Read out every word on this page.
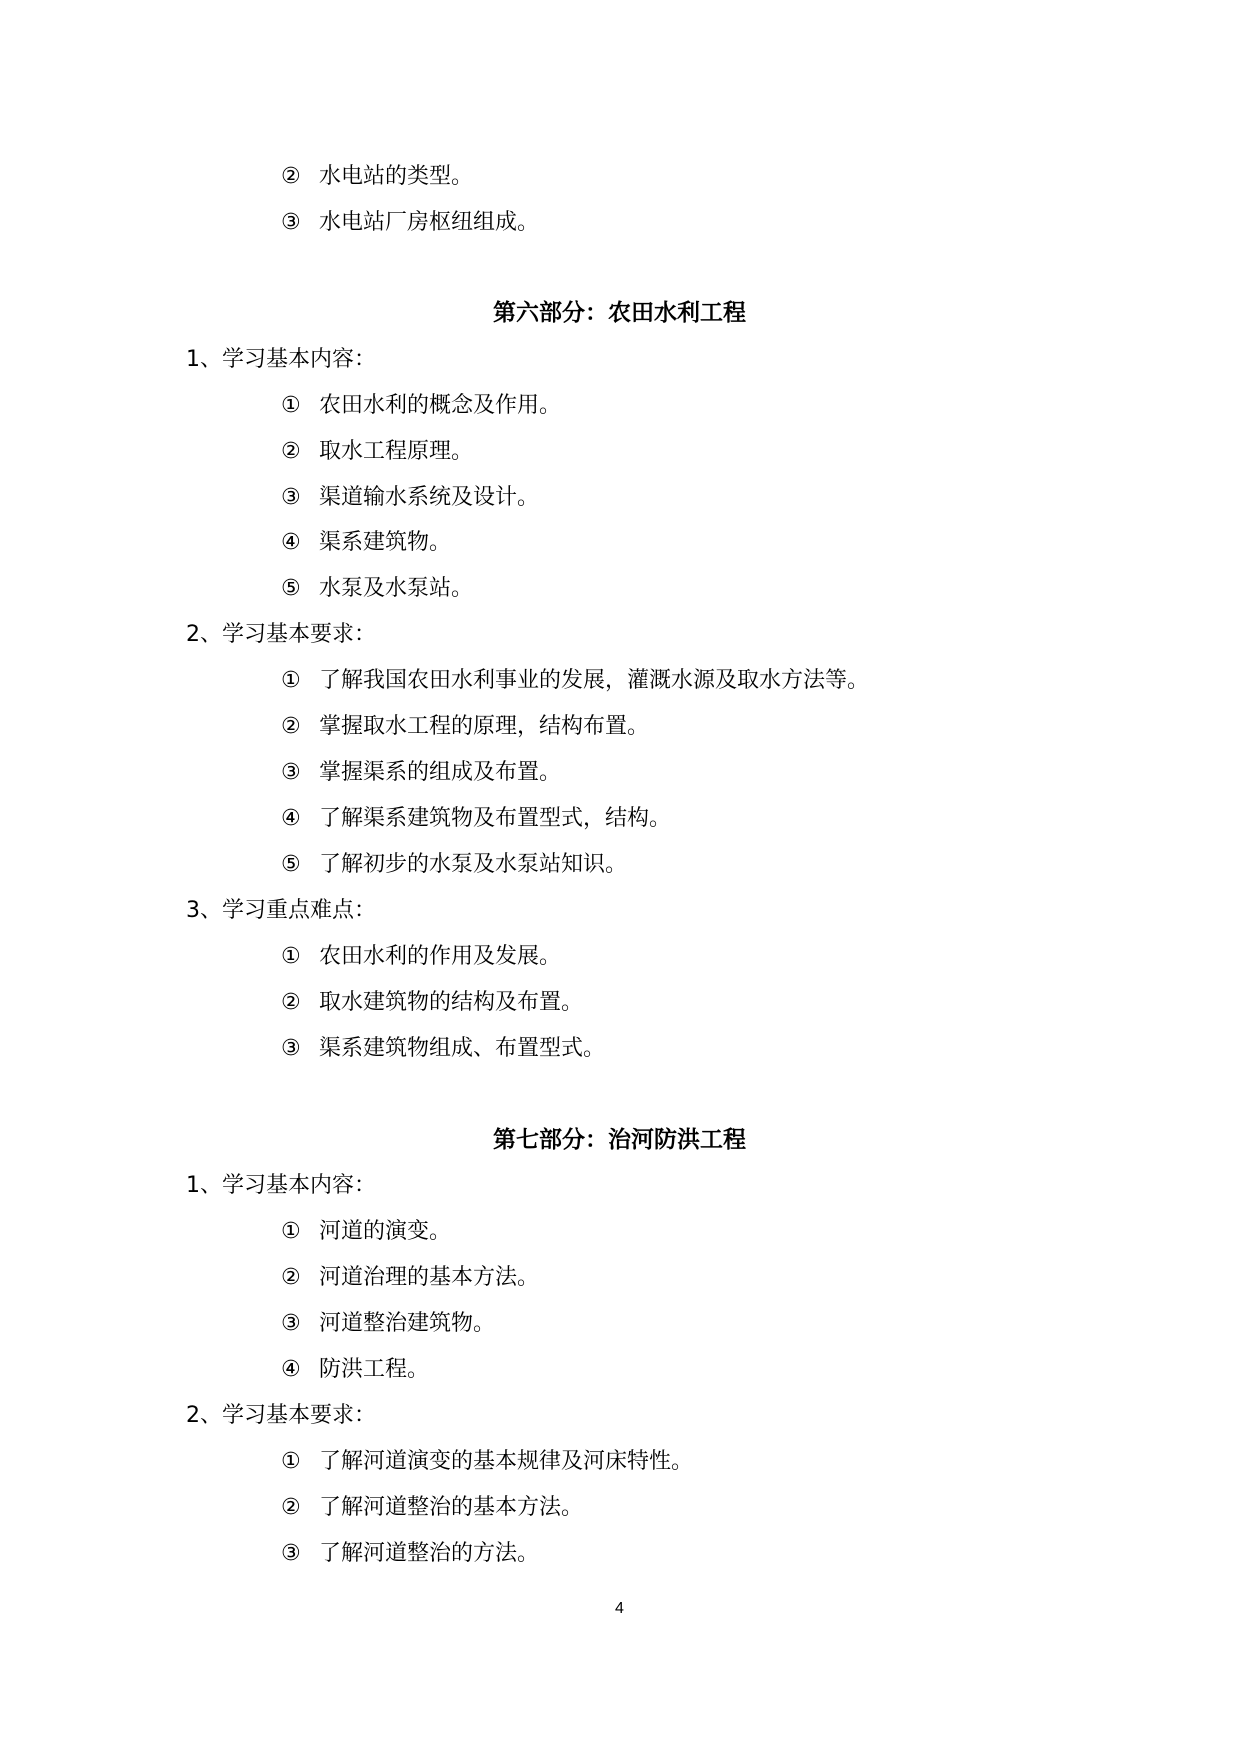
② 水电站的类型。
③ 水电站厂房枢纽组成。
第六部分：农田水利工程
1、学习基本内容：
① 农田水利的概念及作用。
② 取水工程原理。
③ 渠道输水系统及设计。
④ 渠系建筑物。
⑤ 水泵及水泵站。
2、学习基本要求：
① 了解我国农田水利事业的发展，灌溉水源及取水方法等。
② 掌握取水工程的原理，结构布置。
③ 掌握渠系的组成及布置。
④ 了解渠系建筑物及布置型式，结构。
⑤ 了解初步的水泵及水泵站知识。
3、学习重点难点：
① 农田水利的作用及发展。
② 取水建筑物的结构及布置。
③ 渠系建筑物组成、布置型式。
第七部分：治河防洪工程
1、学习基本内容：
① 河道的演变。
② 河道治理的基本方法。
③ 河道整治建筑物。
④ 防洪工程。
2、学习基本要求：
① 了解河道演变的基本规律及河床特性。
② 了解河道整治的基本方法。
③ 了解河道整治的方法。
4
